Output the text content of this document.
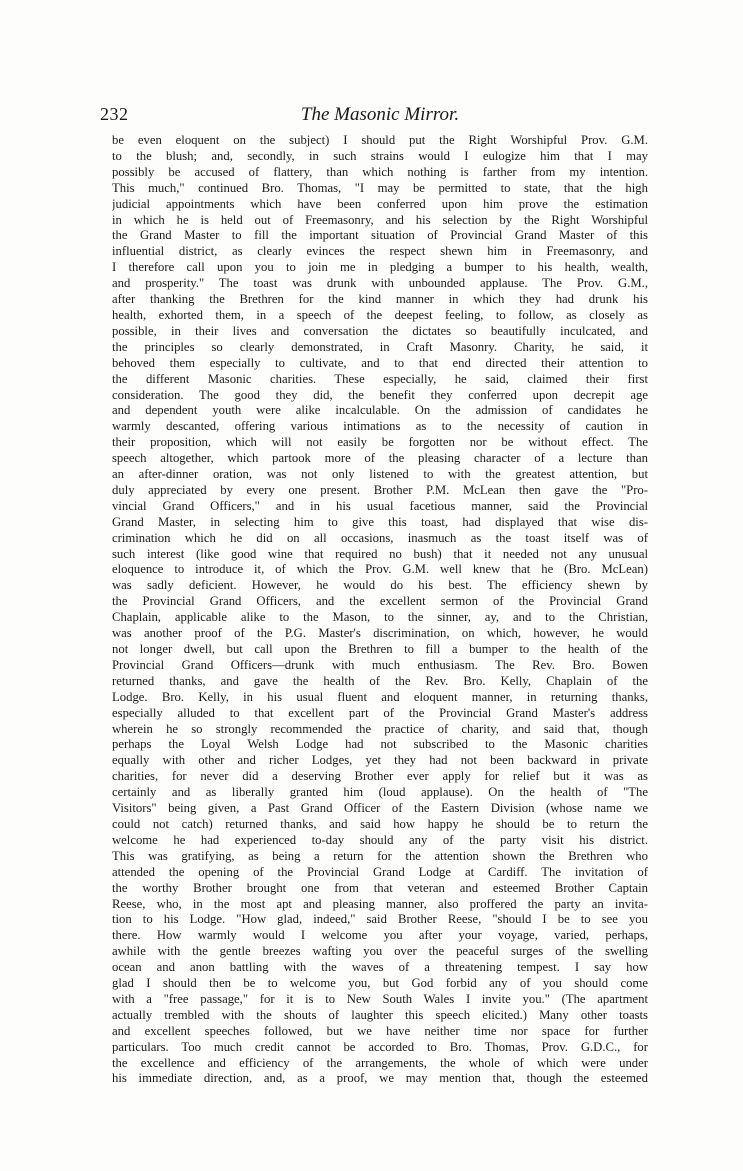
232	The Masonic Mirror.
be even eloquent on the subject) I should put the Right Worshipful Prov. G.M.
to the blush; and, secondly, in such strains would I eulogize him that I may
possibly be accused of flattery, than which nothing is farther from my intention.
This much," continued Bro. Thomas, "I may be permitted to state, that the high
judicial appointments which have been conferred upon him prove the estimation
in which he is held out of Freemasonry, and his selection by the Right Worshipful
the Grand Master to fill the important situation of Provincial Grand Master of this
influential district, as clearly evinces the respect shewn him in Freemasonry, and
I therefore call upon you to join me in pledging a bumper to his health, wealth,
and prosperity." The toast was drunk with unbounded applause. The Prov. G.M.,
after thanking the Brethren for the kind manner in which they had drunk his
health, exhorted them, in a speech of the deepest feeling, to follow, as closely as
possible, in their lives and conversation the dictates so beautifully inculcated, and
the principles so clearly demonstrated, in Craft Masonry. Charity, he said, it
behoved them especially to cultivate, and to that end directed their attention to
the different Masonic charities. These especially, he said, claimed their first
consideration. The good they did, the benefit they conferred upon decrepit age
and dependent youth were alike incalculable. On the admission of candidates he
warmly descanted, offering various intimations as to the necessity of caution in
their proposition, which will not easily be forgotten nor be without effect. The
speech altogether, which partook more of the pleasing character of a lecture than
an after-dinner oration, was not only listened to with the greatest attention, but
duly appreciated by every one present. Brother P.M. McLean then gave the "Pro-
vincial Grand Officers," and in his usual facetious manner, said the Provincial
Grand Master, in selecting him to give this toast, had displayed that wise dis-
crimination which he did on all occasions, inasmuch as the toast itself was of
such interest (like good wine that required no bush) that it needed not any unusual
eloquence to introduce it, of which the Prov. G.M. well knew that he (Bro. McLean)
was sadly deficient. However, he would do his best. The efficiency shewn by
the Provincial Grand Officers, and the excellent sermon of the Provincial Grand
Chaplain, applicable alike to the Mason, to the sinner, ay, and to the Christian,
was another proof of the P.G. Master's discrimination, on which, however, he would
not longer dwell, but call upon the Brethren to fill a bumper to the health of the
Provincial Grand Officers—drunk with much enthusiasm. The Rev. Bro. Bowen
returned thanks, and gave the health of the Rev. Bro. Kelly, Chaplain of the
Lodge. Bro. Kelly, in his usual fluent and eloquent manner, in returning thanks,
especially alluded to that excellent part of the Provincial Grand Master's address
wherein he so strongly recommended the practice of charity, and said that, though
perhaps the Loyal Welsh Lodge had not subscribed to the Masonic charities
equally with other and richer Lodges, yet they had not been backward in private
charities, for never did a deserving Brother ever apply for relief but it was as
certainly and as liberally granted him (loud applause). On the health of "The
Visitors" being given, a Past Grand Officer of the Eastern Division (whose name we
could not catch) returned thanks, and said how happy he should be to return the
welcome he had experienced to-day should any of the party visit his district.
This was gratifying, as being a return for the attention shown the Brethren who
attended the opening of the Provincial Grand Lodge at Cardiff. The invitation of
the worthy Brother brought one from that veteran and esteemed Brother Captain
Reese, who, in the most apt and pleasing manner, also proffered the party an invita-
tion to his Lodge. "How glad, indeed," said Brother Reese, "should I be to see you
there. How warmly would I welcome you after your voyage, varied, perhaps,
awhile with the gentle breezes wafting you over the peaceful surges of the swelling
ocean and anon battling with the waves of a threatening tempest. I say how
glad I should then be to welcome you, but God forbid any of you should come
with a "free passage," for it is to New South Wales I invite you." (The apartment
actually trembled with the shouts of laughter this speech elicited.) Many other toasts
and excellent speeches followed, but we have neither time nor space for further
particulars. Too much credit cannot be accorded to Bro. Thomas, Prov. G.D.C., for
the excellence and efficiency of the arrangements, the whole of which were under
his immediate direction, and, as a proof, we may mention that, though the esteemed
